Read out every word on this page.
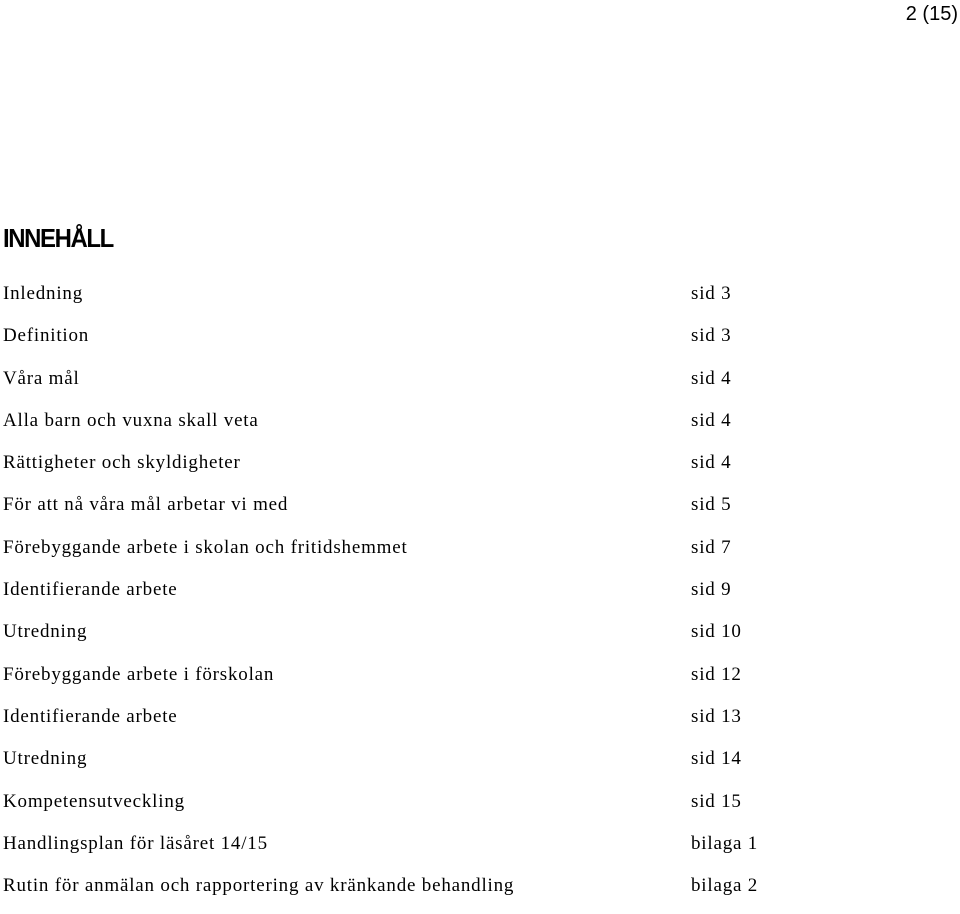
2 (15)
INNEHÅLL
Inledning	sid 3
Definition	sid 3
Våra mål	sid 4
Alla barn och vuxna skall veta	sid 4
Rättigheter och skyldigheter	sid 4
För att nå våra mål arbetar vi med	sid 5
Förebyggande arbete i skolan och fritidshemmet	sid 7
Identifierande arbete	sid 9
Utredning	sid 10
Förebyggande arbete i förskolan	sid 12
Identifierande arbete	sid 13
Utredning	sid 14
Kompetensutveckling	sid 15
Handlingsplan för läsåret 14/15	bilaga 1
Rutin för anmälan och rapportering av kränkande behandling	bilaga 2
